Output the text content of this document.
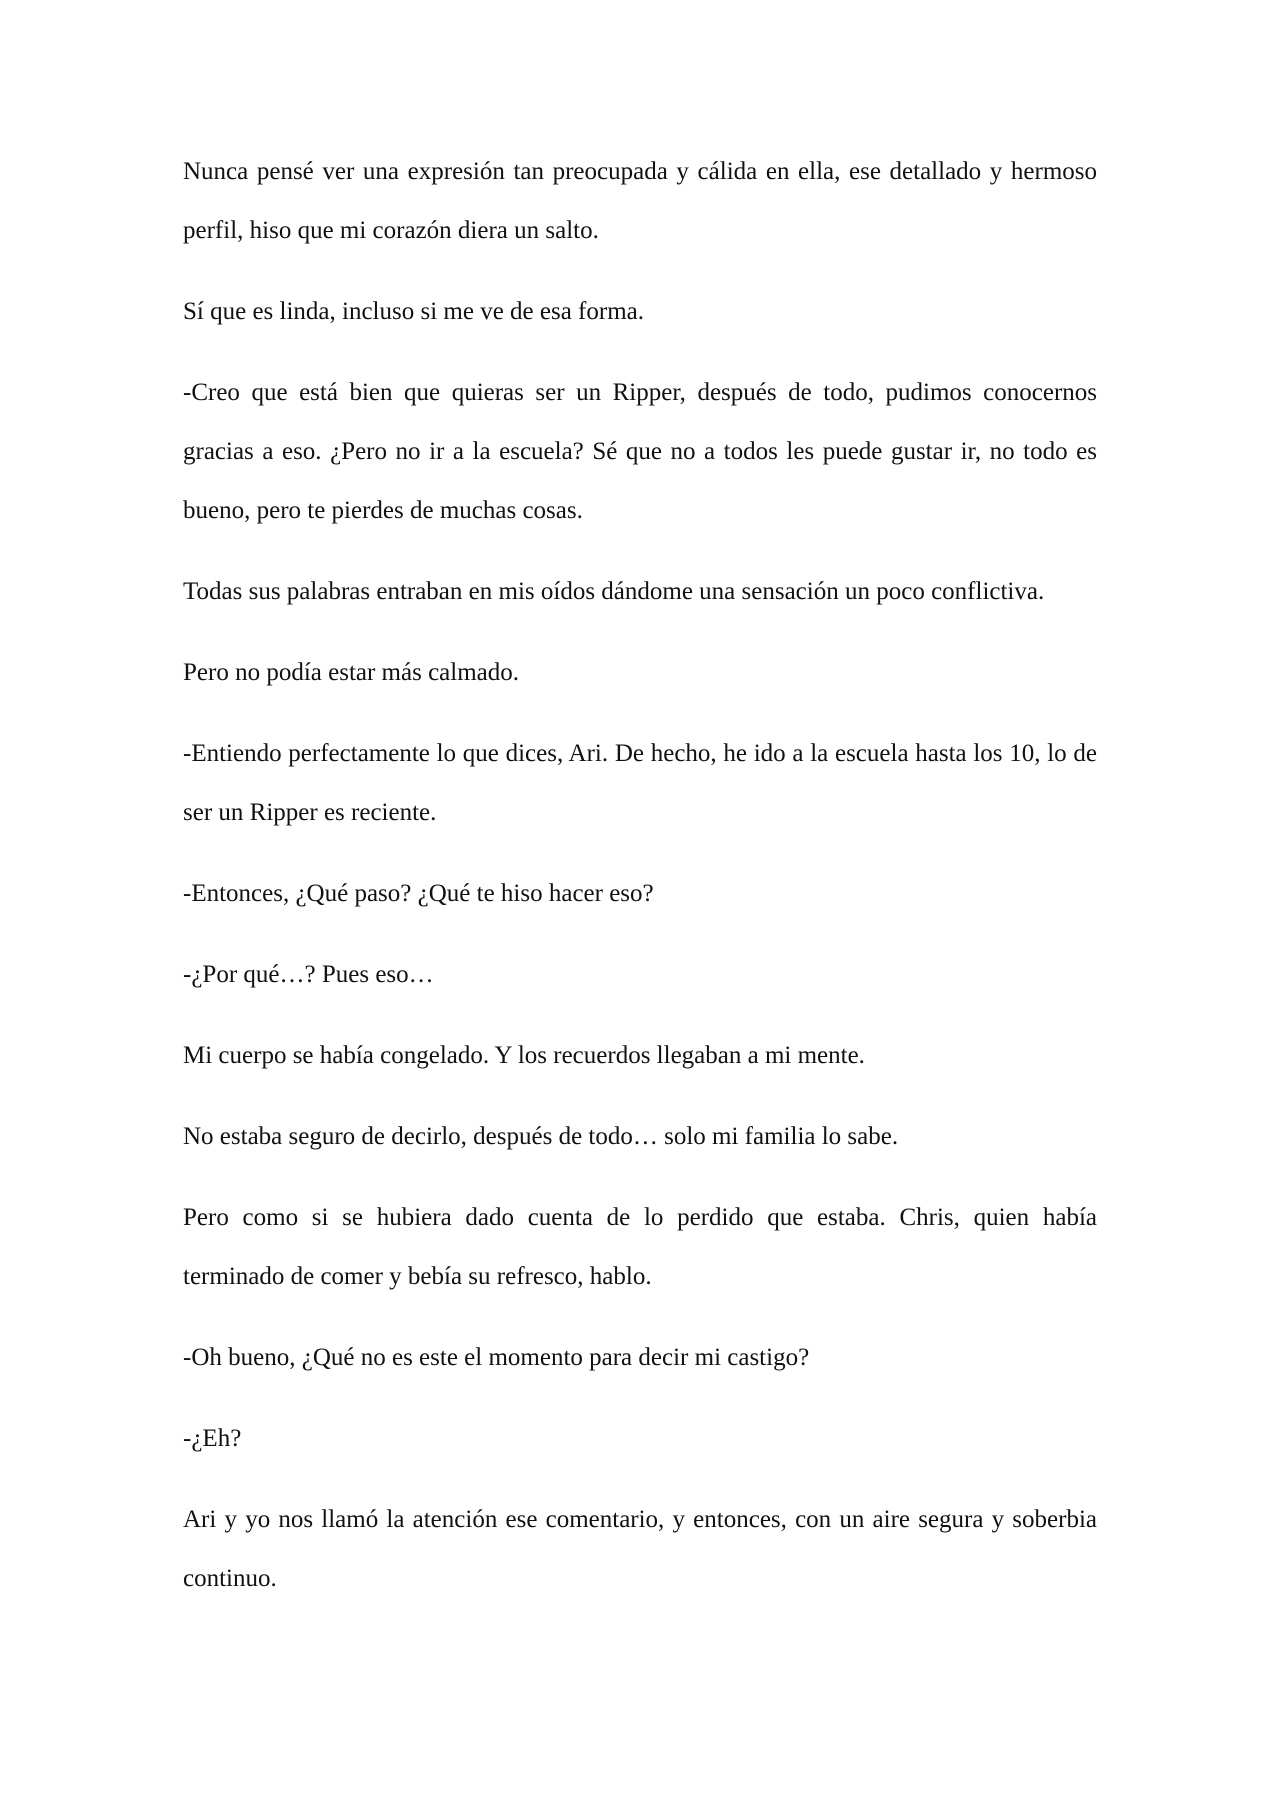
Nunca pensé ver una expresión tan preocupada y cálida en ella, ese detallado y hermoso perfil, hiso que mi corazón diera un salto.

Sí que es linda, incluso si me ve de esa forma.

-Creo que está bien que quieras ser un Ripper, después de todo, pudimos conocernos gracias a eso. ¿Pero no ir a la escuela? Sé que no a todos les puede gustar ir, no todo es bueno, pero te pierdes de muchas cosas.

Todas sus palabras entraban en mis oídos dándome una sensación un poco conflictiva.

Pero no podía estar más calmado.

-Entiendo perfectamente lo que dices, Ari. De hecho, he ido a la escuela hasta los 10, lo de ser un Ripper es reciente.

-Entonces, ¿Qué paso? ¿Qué te hiso hacer eso?

-¿Por qué…? Pues eso…

Mi cuerpo se había congelado. Y los recuerdos llegaban a mi mente.

No estaba seguro de decirlo, después de todo… solo mi familia lo sabe.

Pero como si se hubiera dado cuenta de lo perdido que estaba. Chris, quien había terminado de comer y bebía su refresco, hablo.

-Oh bueno, ¿Qué no es este el momento para decir mi castigo?

-¿Eh?

Ari y yo nos llamó la atención ese comentario, y entonces, con un aire segura y soberbia continuo.
